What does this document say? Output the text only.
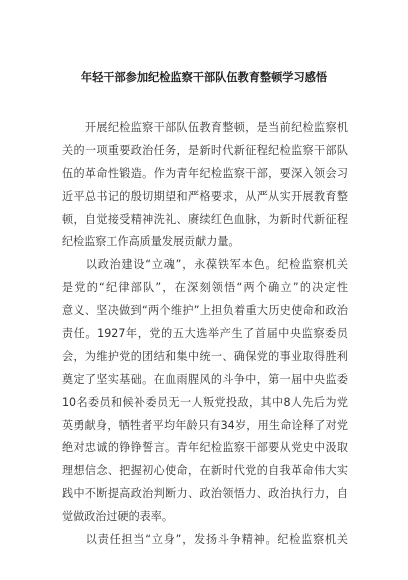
年轻干部参加纪检监察干部队伍教育整顿学习感悟
　　开展纪检监察干部队伍教育整顿，是当前纪检监察机
关的一项重要政治任务，是新时代新征程纪检监察干部队
伍的革命性锻造。作为青年纪检监察干部，要深入领会习
近平总书记的殷切期望和严格要求，从严从实开展教育整
顿，自觉接受精神洗礼、赓续红色血脉，为新时代新征程
纪检监察工作高质量发展贡献力量。
　　以政治建设“立魂”，永葆铁军本色。纪检监察机关
是党的“纪律部队”，在深刻领悟“两个确立”的决定性
意义、坚决做到“两个维护”上担负着重大历史使命和政治
责任。1927年，党的五大选举产生了首届中央监察委员
会，为维护党的团结和集中统一、确保党的事业取得胜利
奠定了坚实基础。在血雨腥风的斗争中，第一届中央监委
10名委员和候补委员无一人叛党投敌，其中8人先后为党
英勇献身，牺牲者平均年龄只有34岁，用生命诠释了对党
绝对忠诚的铮铮誓言。青年纪检监察干部要从党史中汲取
理想信念、把握初心使命，在新时代党的自我革命伟大实
践中不断提高政治判断力、政治领悟力、政治执行力，自
觉做政治过硬的表率。
　　以责任担当“立身”，发扬斗争精神。纪检监察机关
